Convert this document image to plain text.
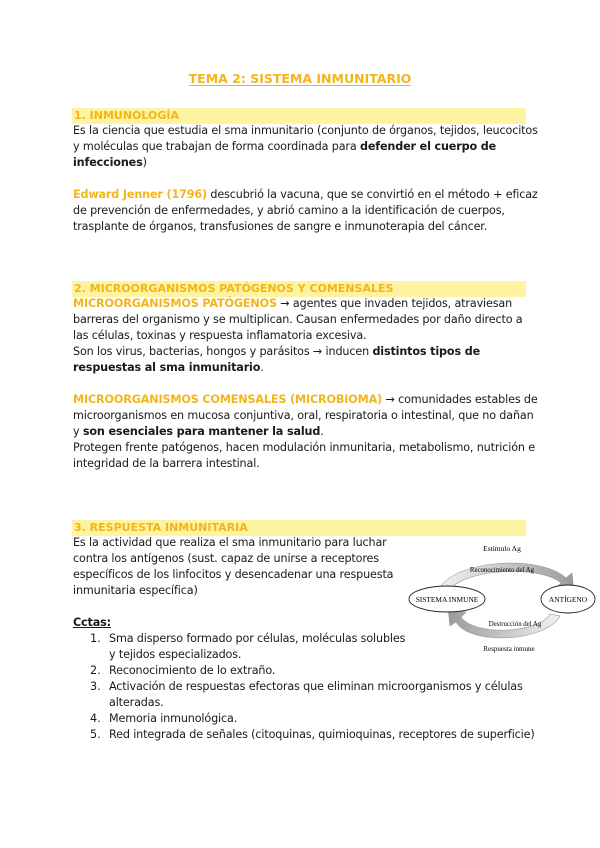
TEMA 2: SISTEMA INMUNITARIO
1. INMUNOLOGÍA
Es la ciencia que estudia el sma inmunitario (conjunto de órganos, tejidos, leucocitos
y moléculas que trabajan de forma coordinada para defender el cuerpo de
infecciones)
Edward Jenner (1796) descubrió la vacuna, que se convirtió en el método + eficaz
de prevención de enfermedades, y abrió camino a la identificación de cuerpos,
trasplante de órganos, transfusiones de sangre e inmunoterapia del cáncer.
2. MICROORGANISMOS PATÓGENOS Y COMENSALES
MICROORGANISMOS PATÓGENOS → agentes que invaden tejidos, atraviesan
barreras del organismo y se multiplican. Causan enfermedades por daño directo a
las células, toxinas y respuesta inflamatoria excesiva.
Son los virus, bacterias, hongos y parásitos → inducen distintos tipos de
respuestas al sma inmunitario.
MICROORGANISMOS COMENSALES (MICROBIOMA) → comunidades estables de
microorganismos en mucosa conjuntiva, oral, respiratoria o intestinal, que no dañan
y son esenciales para mantener la salud.
Protegen frente patógenos, hacen modulación inmunitaria, metabolismo, nutrición e
integridad de la barrera intestinal.
3. RESPUESTA INMUNITARIA
Es la actividad que realiza el sma inmunitario para luchar
contra los antígenos (sust. capaz de unirse a receptores
específicos de los linfocitos y desencadenar una respuesta
inmunitaria específica)
Cctas:
1. Sma disperso formado por células, moléculas solubles
y tejidos especializados.
2. Reconocimiento de lo extraño.
3. Activación de respuestas efectoras que eliminan microorganismos y células
alteradas.
4. Memoria inmunológica.
5. Red integrada de señales (citoquinas, quimioquinas, receptores de superficie)
Estímulo Ag
Reconocimiento del Ag
SISTEMA INMUNE	ANTÍGENO
Destrucción del Ag
Respuesta inmune
